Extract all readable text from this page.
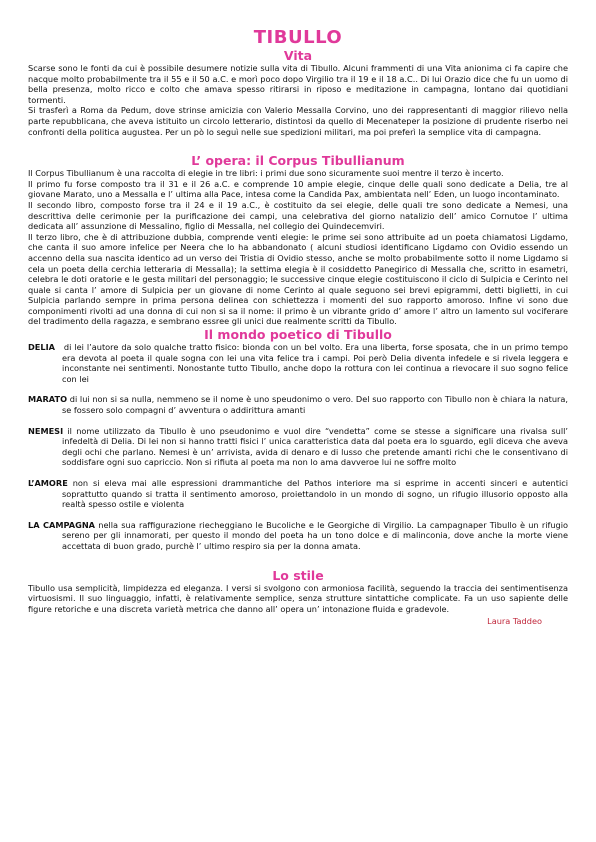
TIBULLO
Vita

Scarse sono le fonti da cui è possibile desumere notizie sulla vita di Tibullo. Alcuni frammenti di una Vita anionima ci fa capire che nacque molto probabilmente tra il 55 e il 50 a.C. e morì poco dopo Virgilio tra il 19 e il 18 a.C.. Di lui Orazio dice che fu un uomo di bella presenza, molto ricco e colto che amava spesso ritirarsi in riposo e meditazione in campagna, lontano dai quotidiani tormenti.

Si trasferì a Roma da Pedum, dove strinse amicizia con Valerio Messalla Corvino, uno dei rappresentanti di maggior rilievo nella parte repubblicana, che aveva istituito un circolo letterario, distintosi da quello di Mecenateper la posizione di prudente riserbo nei confronti della politica augustea. Per un pò lo seguì nelle sue spedizioni militari, ma poi preferì la semplice vita di campagna.

L’ opera: il Corpus Tibullianum

Il Corpus Tibullianum è una raccolta di elegie in tre libri: i primi due sono sicuramente suoi mentre il terzo è incerto.

Il primo fu forse composto tra il 31 e il 26 a.C. e comprende 10 ampie elegie, cinque delle quali sono dedicate a Delia, tre al giovane Marato, uno a Messalla e l’ ultima alla Pace, intesa come la Candida Pax, ambientata nell’ Eden, un luogo incontaminato.

Il secondo libro, composto forse tra il 24 e il 19 a.C., è costituito da sei elegie, delle quali tre sono dedicate a Nemesi, una descrittiva delle cerimonie per la purificazione dei campi, una celebrativa del giorno natalizio dell’ amico Cornutoe l’ ultima dedicata all’ assunzione di Messalino, figlio di Messalla, nel collegio dei Quindecemviri.

Il terzo libro, che è di attribuzione dubbia, comprende venti elegie: le prime sei sono attribuite ad un poeta chiamatosi Ligdamo, che canta il suo amore infelice per Neera che lo ha abbandonato ( alcuni studiosi identificano Ligdamo con Ovidio essendo un accenno della sua nascita identico ad un verso dei Tristia di Ovidio stesso, anche se molto probabilmente sotto il nome Ligdamo si cela un poeta della cerchia letteraria di Messalla); la settima elegia è il cosiddetto Panegirico di Messalla che, scritto in esametri, celebra le doti oratorie e le gesta militari del personaggio; le successive cinque elegie costituiscono il ciclo di Sulpicia e Cerinto nel quale si canta l’ amore di Sulpicia per un giovane di nome Cerinto al quale seguono sei brevi epigrammi, detti biglietti, in cui Sulpicia parlando sempre in prima persona delinea con schiettezza i momenti del suo rapporto amoroso. Infine vi sono due componimenti rivolti ad una donna di cui non si sa il nome: il primo è un vibrante grido d’ amore l’ altro un lamento sul vociferare del tradimento della ragazza, e sembrano essree gli unici due realmente scritti da Tibullo.

Il mondo poetico di Tibullo

DELIA di lei l’autore da solo qualche tratto fisico: bionda con un bel volto. Era una liberta, forse sposata, che in un primo tempo era devota al poeta il quale sogna con lei una vita felice tra i campi. Poi però Delia diventa infedele e si rivela leggera e inconstante nei sentimenti. Nonostante tutto Tibullo, anche dopo la rottura con lei continua a rievocare il suo sogno felice con lei

MARATO di lui non si sa nulla, nemmeno se il nome è uno speudonimo o vero. Del suo rapporto con Tibullo non è chiara la natura, se fossero solo compagni d’ avventura o addirittura amanti

NEMESI il nome utilizzato da Tibullo è uno pseudonimo e vuol dire “vendetta” come se stesse a significare una rivalsa sull’ infedeltà di Delia. Di lei non si hanno tratti fisici l’ unica caratteristica data dal poeta era lo sguardo, egli diceva che aveva degli ochi che parlano. Nemesi è un’ arrivista, avida di denaro e di lusso che pretende amanti richi che le consentivano di soddisfare ogni suo capriccio. Non si rifiuta al poeta ma non lo ama davveroe lui ne soffre molto

L’AMORE non si eleva mai alle espressioni drammantiche del Pathos interiore ma si esprime in accenti sinceri e autentici soprattutto quando si tratta il sentimento amoroso, proiettandolo in un mondo di sogno, un rifugio illusorio opposto alla realtà spesso ostile e violenta

LA CAMPAGNA nella sua raffigurazione riecheggiano le Bucoliche e le Georgiche di Virgilio. La campagnaper Tibullo è un rifugio sereno per gli innamorati, per questo il mondo del poeta ha un tono dolce e di malinconia, dove anche la morte viene accettata di buon grado, purchè l’ ultimo respiro sia per la donna amata.

Lo stile

Tibullo usa semplicità, limpidezza ed eleganza. I versi si svolgono con armoniosa facilità, seguendo la traccia dei sentimentisenza virtuosismi. Il suo linguaggio, infatti, è relativamente semplice, senza strutture sintattiche complicate. Fa un uso sapiente delle figure retoriche e una discreta varietà metrica che danno all’ opera un’ intonazione fluida e gradevole.

Laura Taddeo
